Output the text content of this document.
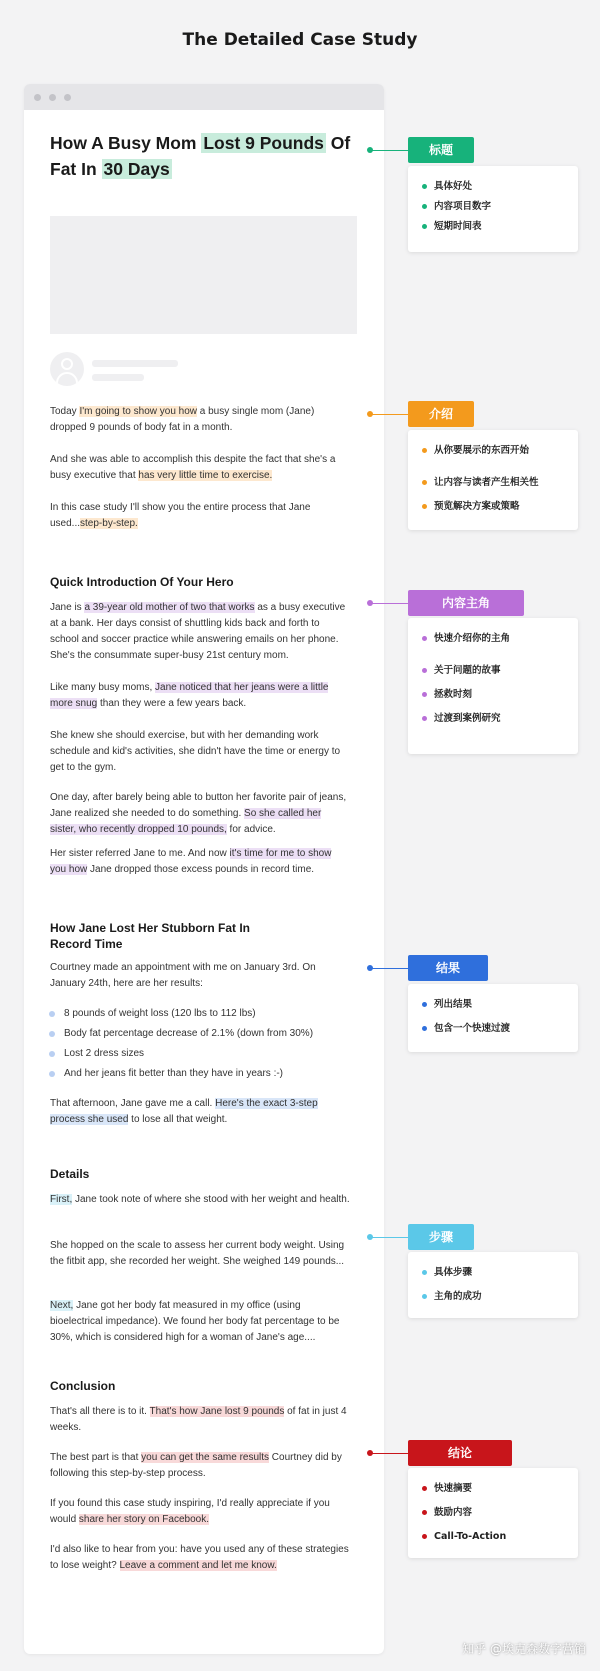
The Detailed Case Study
How A Busy Mom Lost 9 Pounds Of Fat In 30 Days
Today I'm going to show you how a busy single mom (Jane) dropped 9 pounds of body fat in a month.
And she was able to accomplish this despite the fact that she's a busy executive that has very little time to exercise.
In this case study I'll show you the entire process that Jane used...step-by-step.
Quick Introduction Of Your Hero
Jane is a 39-year old mother of two that works as a busy executive at a bank. Her days consist of shuttling kids back and forth to school and soccer practice while answering emails on her phone. She's the consummate super-busy 21st century mom.
Like many busy moms, Jane noticed that her jeans were a little more snug than they were a few years back.
She knew she should exercise, but with her demanding work schedule and kid's activities, she didn't have the time or energy to get to the gym.
One day, after barely being able to button her favorite pair of jeans, Jane realized she needed to do something. So she called her sister, who recently dropped 10 pounds, for advice.
Her sister referred Jane to me. And now it's time for me to show you how Jane dropped those excess pounds in record time.
How Jane Lost Her Stubborn Fat In Record Time
Courtney made an appointment with me on January 3rd. On January 24th, here are her results:
8 pounds of weight loss (120 lbs to 112 lbs)
Body fat percentage decrease of 2.1% (down from 30%)
Lost 2 dress sizes
And her jeans fit better than they have in years :-)
That afternoon, Jane gave me a call. Here's the exact 3-step process she used to lose all that weight.
Details
First, Jane took note of where she stood with her weight and health.
She hopped on the scale to assess her current body weight. Using the fitbit app, she recorded her weight. She weighed 149 pounds...
Next, Jane got her body fat measured in my office (using bioelectrical impedance). We found her body fat percentage to be 30%, which is considered high for a woman of Jane's age....
Conclusion
That's all there is to it. That's how Jane lost 9 pounds of fat in just 4 weeks.
The best part is that you can get the same results Courtney did by following this step-by-step process.
If you found this case study inspiring, I'd really appreciate if you would share her story on Facebook.
I'd also like to hear from you: have you used any of these strategies to lose weight? Leave a comment and let me know.
标题
具体好处
内容项目数字
短期时间表
介绍
从你要展示的东西开始
让内容与读者产生相关性
预览解决方案或策略
内容主角
快速介绍你的主角
关于问题的故事
拯救时刻
过渡到案例研究
结果
列出结果
包含一个快速过渡
步骤
具体步骤
主角的成功
结论
快速摘要
鼓励内容
Call-To-Action
知乎 @埃克森数字营销
